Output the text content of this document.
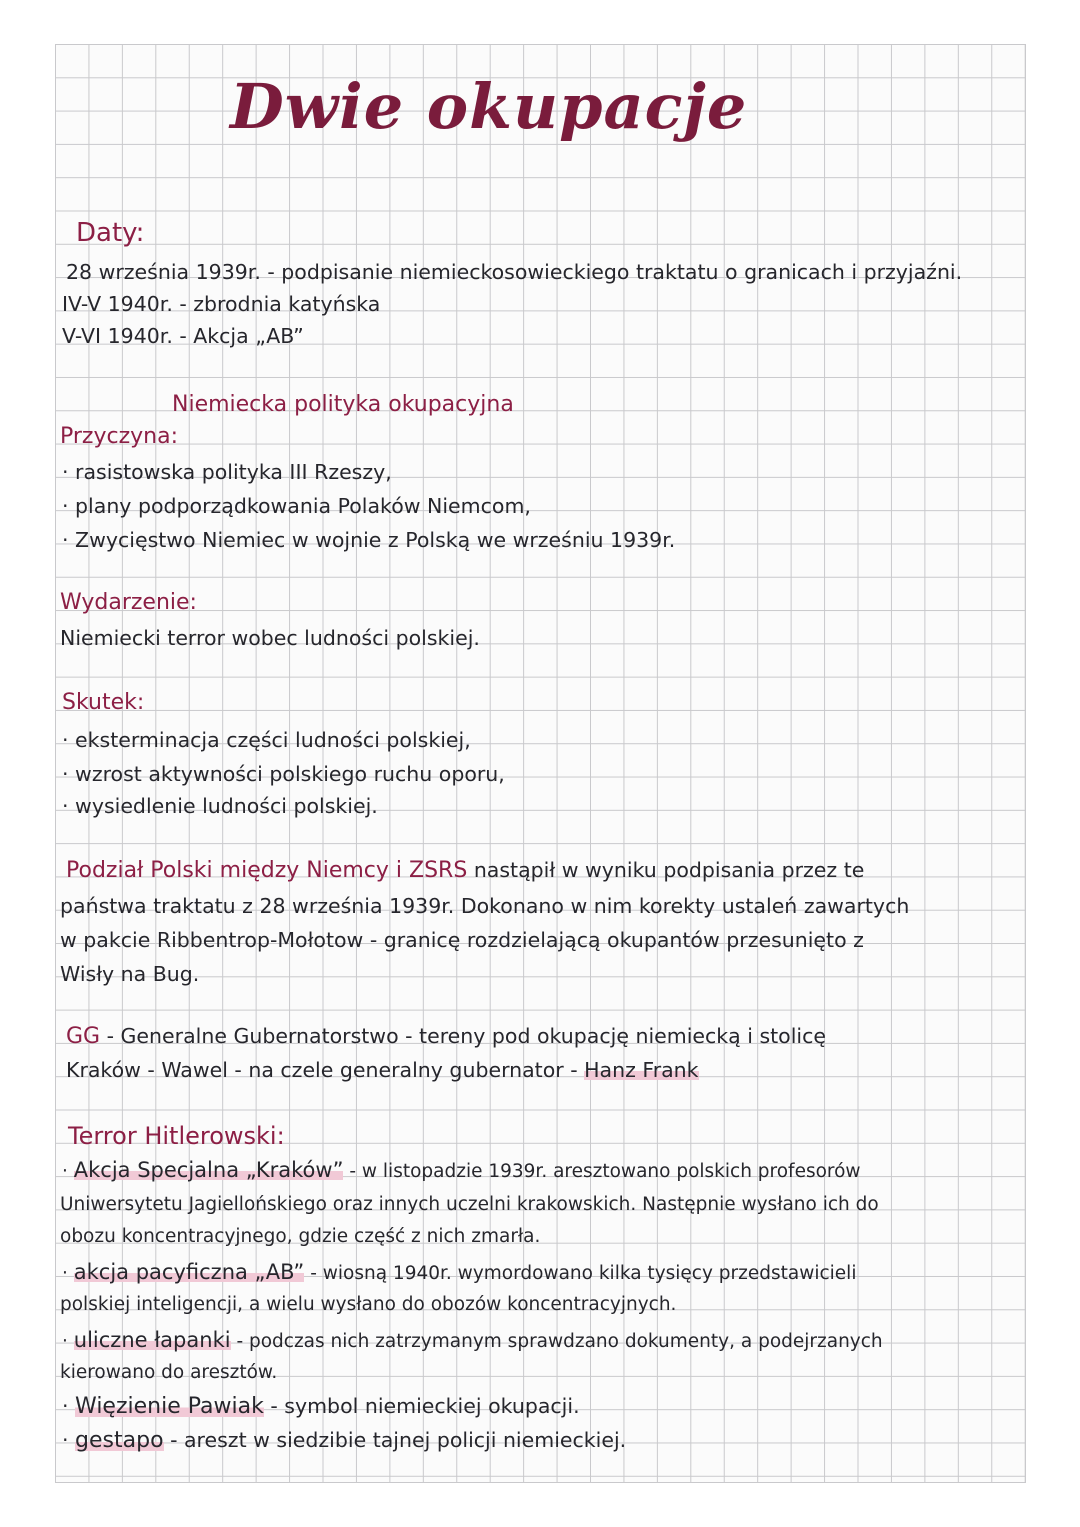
Dwie okupacje
Daty:
28 września 1939r. - podpisanie niemieckosowieckiego traktatu o granicach i przyjaźni.
IV-V 1940r. - zbrodnia katyńska
V-VI 1940r. - Akcja „AB”
Niemiecka polityka okupacyjna
Przyczyna:
· rasistowska polityka III Rzeszy,
· plany podporządkowania Polaków Niemcom,
· Zwycięstwo Niemiec w wojnie z Polską we wrześniu 1939r.
Wydarzenie:
Niemiecki terror wobec ludności polskiej.
Skutek:
· eksterminacja części ludności polskiej,
· wzrost aktywności polskiego ruchu oporu,
· wysiedlenie ludności polskiej.
Podział Polski między Niemcy i ZSRS nastąpił w wyniku podpisania przez te
państwa traktatu z 28 września 1939r. Dokonano w nim korekty ustaleń zawartych
w pakcie Ribbentrop-Mołotow - granicę rozdzielającą okupantów przesunięto z
Wisły na Bug.
GG - Generalne Gubernatorstwo - tereny pod okupację niemiecką i stolicę
Kraków - Wawel - na czele generalny gubernator - Hanz Frank
Terror Hitlerowski:
· Akcja Specjalna „Kraków” - w listopadzie 1939r. aresztowano polskich profesorów
Uniwersytetu Jagiellońskiego oraz innych uczelni krakowskich. Następnie wysłano ich do
obozu koncentracyjnego, gdzie część z nich zmarła.
· akcja pacyficzna „AB” - wiosną 1940r. wymordowano kilka tysięcy przedstawicieli
polskiej inteligencji, a wielu wysłano do obozów koncentracyjnych.
· uliczne łapanki - podczas nich zatrzymanym sprawdzano dokumenty, a podejrzanych
kierowano do aresztów.
· Więzienie Pawiak - symbol niemieckiej okupacji.
· gestapo - areszt w siedzibie tajnej policji niemieckiej.
